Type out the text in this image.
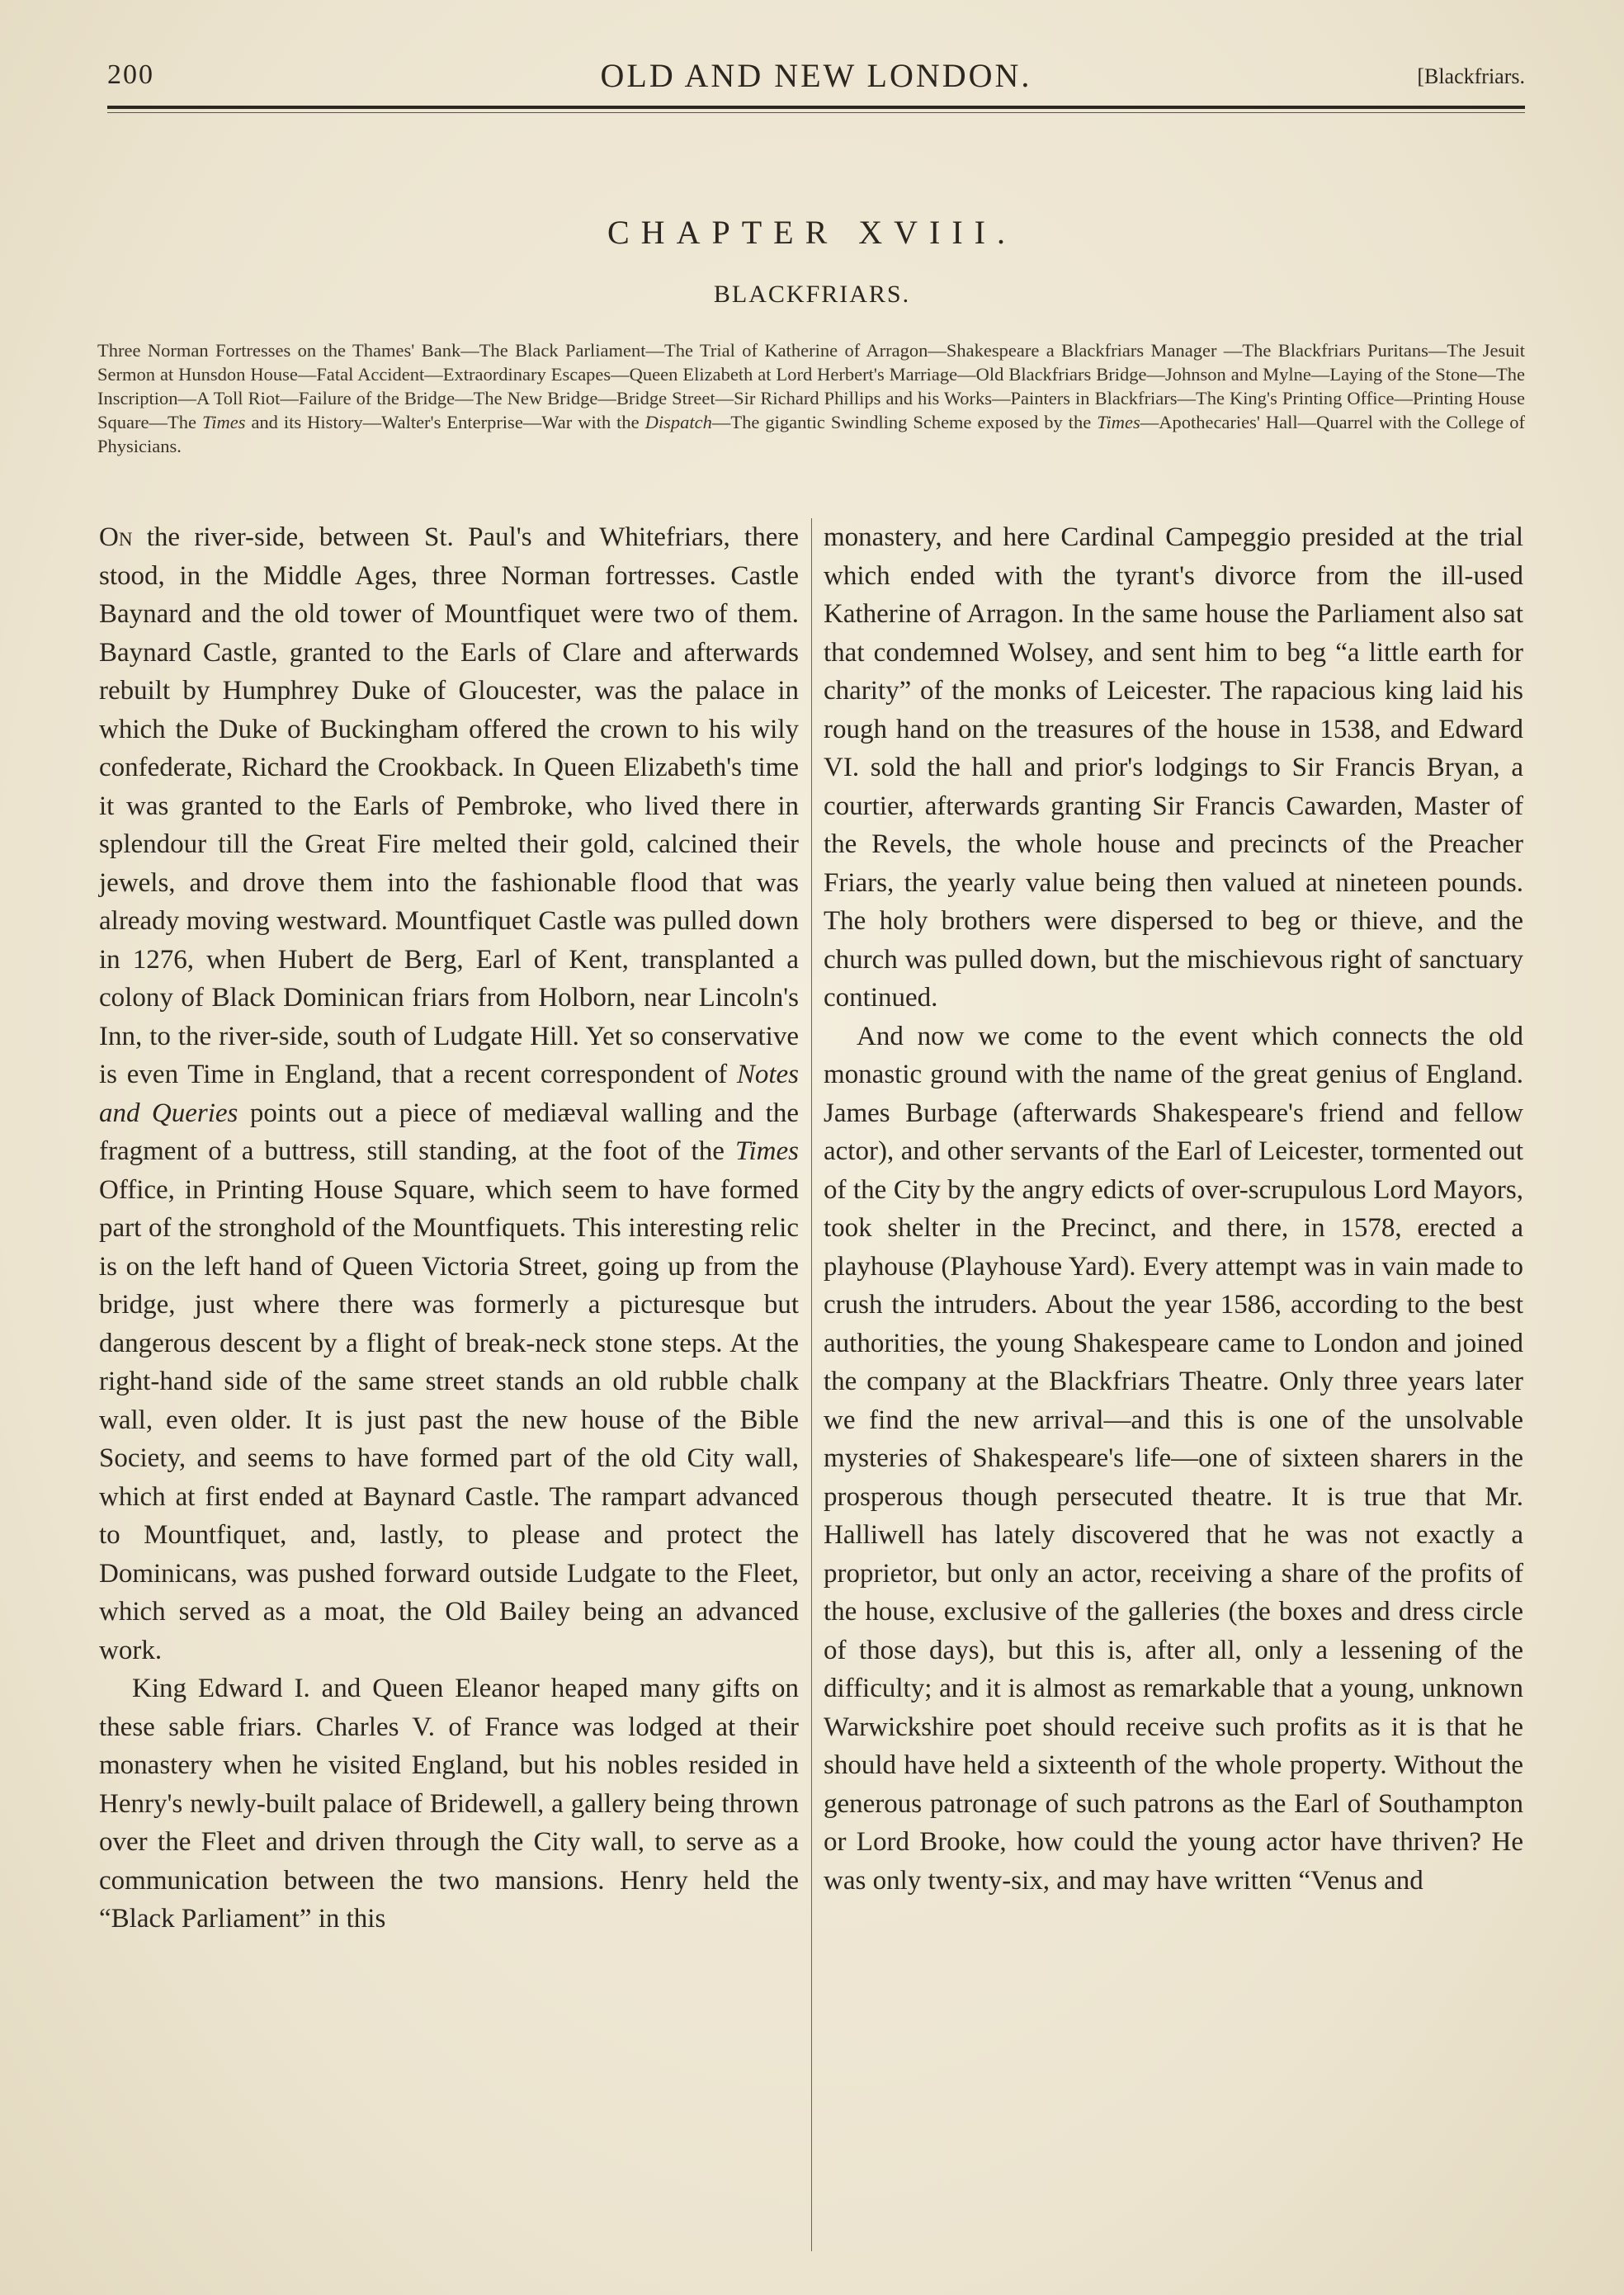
200	OLD AND NEW LONDON.	[Blackfriars.
CHAPTER XVIII.
BLACKFRIARS.
Three Norman Fortresses on the Thames' Bank—The Black Parliament—The Trial of Katherine of Arragon—Shakespeare a Blackfriars Manager —The Blackfriars Puritans—The Jesuit Sermon at Hunsdon House—Fatal Accident—Extraordinary Escapes—Queen Elizabeth at Lord Herbert's Marriage—Old Blackfriars Bridge—Johnson and Mylne—Laying of the Stone—The Inscription—A Toll Riot—Failure of the Bridge—The New Bridge—Bridge Street—Sir Richard Phillips and his Works—Painters in Blackfriars—The King's Printing Office—Printing House Square—The Times and its History—Walter's Enterprise—War with the Dispatch—The gigantic Swindling Scheme exposed by the Times—Apothecaries' Hall—Quarrel with the College of Physicians.

On the river-side, between St. Paul's and Whitefriars, there stood, in the Middle Ages, three Norman fortresses. Castle Baynard and the old tower of Mountfiquet were two of them. Baynard Castle, granted to the Earls of Clare and afterwards rebuilt by Humphrey Duke of Gloucester, was the palace in which the Duke of Buckingham offered the crown to his wily confederate, Richard the Crookback. In Queen Elizabeth's time it was granted to the Earls of Pembroke, who lived there in splendour till the Great Fire melted their gold, calcined their jewels, and drove them into the fashionable flood that was already moving westward. Mountfiquet Castle was pulled down in 1276, when Hubert de Berg, Earl of Kent, transplanted a colony of Black Dominican friars from Holborn, near Lincoln's Inn, to the river-side, south of Ludgate Hill. Yet so conservative is even Time in England, that a recent correspondent of Notes and Queries points out a piece of mediæval walling and the fragment of a buttress, still standing, at the foot of the Times Office, in Printing House Square, which seem to have formed part of the stronghold of the Mountfiquets. This interesting relic is on the left hand of Queen Victoria Street, going up from the bridge, just where there was formerly a picturesque but dangerous descent by a flight of break-neck stone steps. At the right-hand side of the same street stands an old rubble chalk wall, even older. It is just past the new house of the Bible Society, and seems to have formed part of the old City wall, which at first ended at Baynard Castle. The rampart advanced to Mountfiquet, and, lastly, to please and protect the Dominicans, was pushed forward outside Ludgate to the Fleet, which served as a moat, the Old Bailey being an advanced work.

King Edward I. and Queen Eleanor heaped many gifts on these sable friars. Charles V. of France was lodged at their monastery when he visited England, but his nobles resided in Henry's newly-built palace of Bridewell, a gallery being thrown over the Fleet and driven through the City wall, to serve as a communication between the two mansions. Henry held the “Black Parliament” in this

monastery, and here Cardinal Campeggio presided at the trial which ended with the tyrant's divorce from the ill-used Katherine of Arragon. In the same house the Parliament also sat that condemned Wolsey, and sent him to beg “a little earth for charity” of the monks of Leicester. The rapacious king laid his rough hand on the treasures of the house in 1538, and Edward VI. sold the hall and prior's lodgings to Sir Francis Bryan, a courtier, afterwards granting Sir Francis Cawarden, Master of the Revels, the whole house and precincts of the Preacher Friars, the yearly value being then valued at nineteen pounds. The holy brothers were dispersed to beg or thieve, and the church was pulled down, but the mischievous right of sanctuary continued.

And now we come to the event which connects the old monastic ground with the name of the great genius of England. James Burbage (afterwards Shakespeare's friend and fellow actor), and other servants of the Earl of Leicester, tormented out of the City by the angry edicts of over-scrupulous Lord Mayors, took shelter in the Precinct, and there, in 1578, erected a playhouse (Playhouse Yard). Every attempt was in vain made to crush the intruders. About the year 1586, according to the best authorities, the young Shakespeare came to London and joined the company at the Blackfriars Theatre. Only three years later we find the new arrival—and this is one of the unsolvable mysteries of Shakespeare's life—one of sixteen sharers in the prosperous though persecuted theatre. It is true that Mr. Halliwell has lately discovered that he was not exactly a proprietor, but only an actor, receiving a share of the profits of the house, exclusive of the galleries (the boxes and dress circle of those days), but this is, after all, only a lessening of the difficulty; and it is almost as remarkable that a young, unknown Warwickshire poet should receive such profits as it is that he should have held a sixteenth of the whole property. Without the generous patronage of such patrons as the Earl of Southampton or Lord Brooke, how could the young actor have thriven? He was only twenty-six, and may have written “Venus and
